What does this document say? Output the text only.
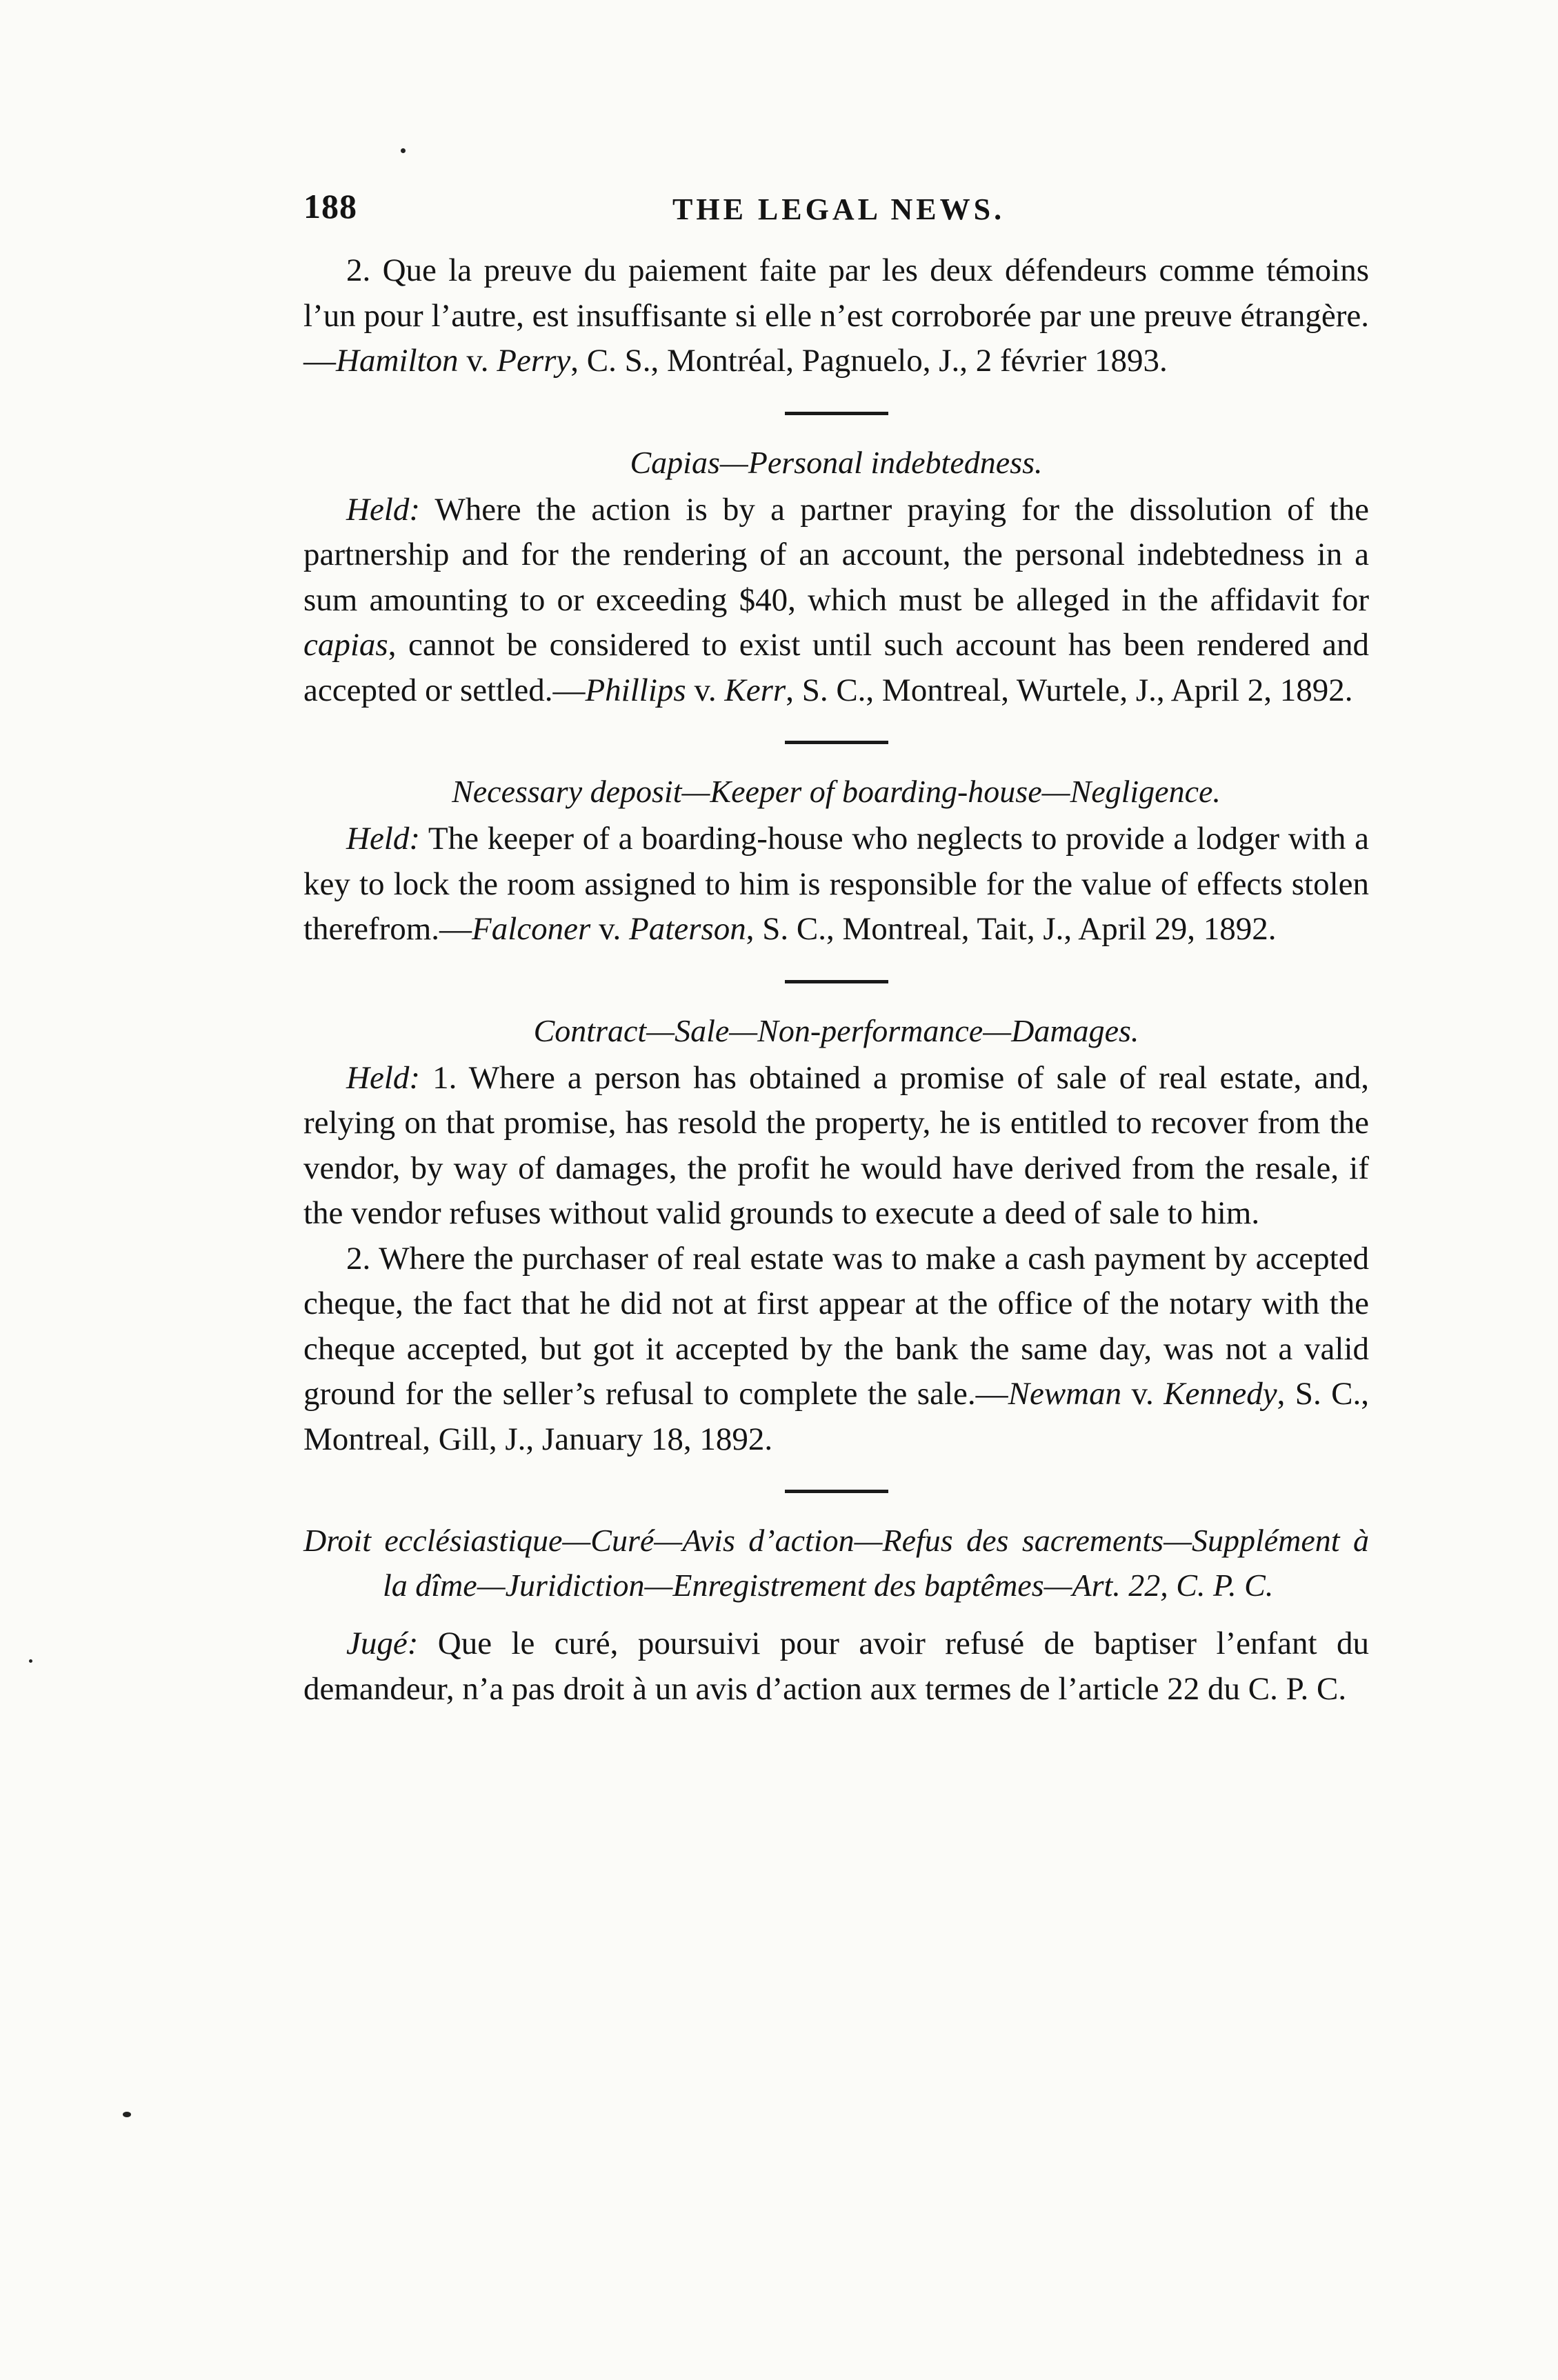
188	THE LEGAL NEWS.

2. Que la preuve du paiement faite par les deux défendeurs comme témoins l’un pour l’autre, est insuffisante si elle n’est corroborée par une preuve étrangère.—Hamilton v. Perry, C. S., Montréal, Pagnuelo, J., 2 février 1893.

Capias—Personal indebtedness.

Held: Where the action is by a partner praying for the dissolution of the partnership and for the rendering of an account, the personal indebtedness in a sum amounting to or exceeding $40, which must be alleged in the affidavit for capias, cannot be considered to exist until such account has been rendered and accepted or settled.—Phillips v. Kerr, S. C., Montreal, Wurtele, J., April 2, 1892.

Necessary deposit—Keeper of boarding-house—Negligence.

Held: The keeper of a boarding-house who neglects to provide a lodger with a key to lock the room assigned to him is responsible for the value of effects stolen therefrom.—Falconer v. Paterson, S. C., Montreal, Tait, J., April 29, 1892.

Contract—Sale—Non-performance—Damages.

Held: 1. Where a person has obtained a promise of sale of real estate, and, relying on that promise, has resold the property, he is entitled to recover from the vendor, by way of damages, the profit he would have derived from the resale, if the vendor refuses without valid grounds to execute a deed of sale to him.

2. Where the purchaser of real estate was to make a cash payment by accepted cheque, the fact that he did not at first appear at the office of the notary with the cheque accepted, but got it accepted by the bank the same day, was not a valid ground for the seller’s refusal to complete the sale.—Newman v. Kennedy, S. C., Montreal, Gill, J., January 18, 1892.

Droit ecclésiastique—Curé—Avis d’action—Refus des sacrements—Supplément à la dîme—Juridiction—Enregistrement des baptêmes—Art. 22, C. P. C.

Jugé: Que le curé, poursuivi pour avoir refusé de baptiser l’enfant du demandeur, n’a pas droit à un avis d’action aux termes de l’article 22 du C. P. C.
